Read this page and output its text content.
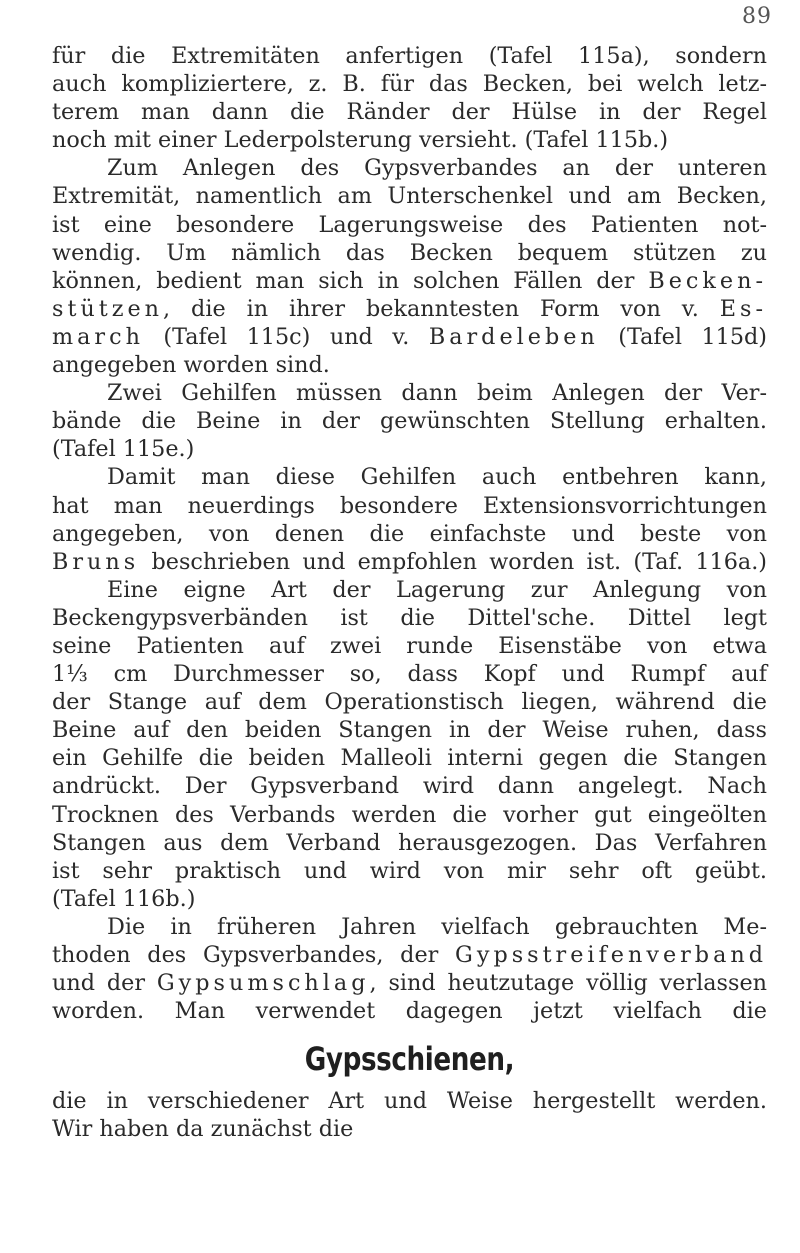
89
für die Extremitäten anfertigen (Tafel 115a), sondern
auch kompliziertere, z. B. für das Becken, bei welch letz-
terem man dann die Ränder der Hülse in der Regel
noch mit einer Lederpolsterung versieht. (Tafel 115b.)
Zum Anlegen des Gypsverbandes an der unteren
Extremität, namentlich am Unterschenkel und am Becken,
ist eine besondere Lagerungsweise des Patienten not-
wendig. Um nämlich das Becken bequem stützen zu
können, bedient man sich in solchen Fällen der Becken-
stützen, die in ihrer bekanntesten Form von v. Es-
march (Tafel 115c) und v. Bardeleben (Tafel 115d)
angegeben worden sind.
Zwei Gehilfen müssen dann beim Anlegen der Ver-
bände die Beine in der gewünschten Stellung erhalten.
(Tafel 115e.)
Damit man diese Gehilfen auch entbehren kann,
hat man neuerdings besondere Extensionsvorrichtungen
angegeben, von denen die einfachste und beste von
Bruns beschrieben und empfohlen worden ist. (Taf. 116a.)
Eine eigne Art der Lagerung zur Anlegung von
Beckengypsverbänden ist die Dittel'sche. Dittel legt
seine Patienten auf zwei runde Eisenstäbe von etwa
1⅓ cm Durchmesser so, dass Kopf und Rumpf auf
der Stange auf dem Operationstisch liegen, während die
Beine auf den beiden Stangen in der Weise ruhen, dass
ein Gehilfe die beiden Malleoli interni gegen die Stangen
andrückt. Der Gypsverband wird dann angelegt. Nach
Trocknen des Verbands werden die vorher gut eingeölten
Stangen aus dem Verband herausgezogen. Das Verfahren
ist sehr praktisch und wird von mir sehr oft geübt.
(Tafel 116b.)
Die in früheren Jahren vielfach gebrauchten Me-
thoden des Gypsverbandes, der Gypsstreifenverband
und der Gypsumschlag, sind heutzutage völlig verlassen
worden. Man verwendet dagegen jetzt vielfach die
Gypsschienen,
die in verschiedener Art und Weise hergestellt werden.
Wir haben da zunächst die
